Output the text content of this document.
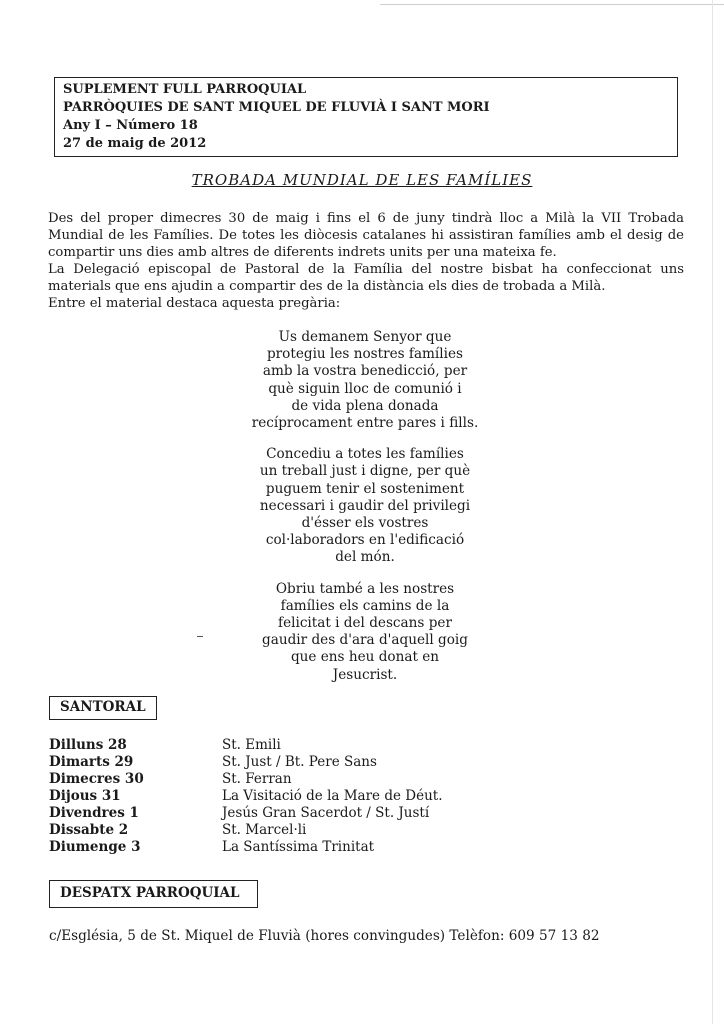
SUPLEMENT FULL PARROQUIAL
PARRÒQUIES DE SANT MIQUEL DE FLUVIÀ I SANT MORI
Any I – Número 18
27 de maig de 2012
TROBADA MUNDIAL DE LES FAMÍLIES

Des del proper dimecres 30 de maig i fins el 6 de juny tindrà lloc a Milà la VII Trobada Mundial de les Famílies. De totes les diòcesis catalanes hi assistiran famílies amb el desig de compartir uns dies amb altres de diferents indrets units per una mateixa fe.

La Delegació episcopal de Pastoral de la Família del nostre bisbat ha confeccionat uns materials que ens ajudin a compartir des de la distància els dies de trobada a Milà.

Entre el material destaca aquesta pregària:

Us demanem Senyor que
protegiu les nostres famílies
amb la vostra benedicció, per
què siguin lloc de comunió i
de vida plena donada
recíprocament entre pares i fills.
Concediu a totes les famílies
un treball just i digne, per què
puguem tenir el sosteniment
necessari i gaudir del privilegi
d'ésser els vostres
col·laboradors en l'edificació
del món.
Obriu també a les nostres
famílies els camins de la
felicitat i del descans per
gaudir des d'ara d'aquell goig
que ens heu donat en
Jesucrist.
SANTORAL
Dilluns 28
Dimarts 29
Dimecres 30
Dijous 31
Divendres 1
Dissabte 2
Diumenge 3
St. Emili
St. Just / Bt. Pere Sans
St. Ferran
La Visitació de la Mare de Déut.
Jesús Gran Sacerdot / St. Justí
St. Marcel·li
La Santíssima Trinitat
DESPATX PARROQUIAL
c/Església, 5 de St. Miquel de Fluvià (hores convingudes) Telèfon: 609 57 13 82
